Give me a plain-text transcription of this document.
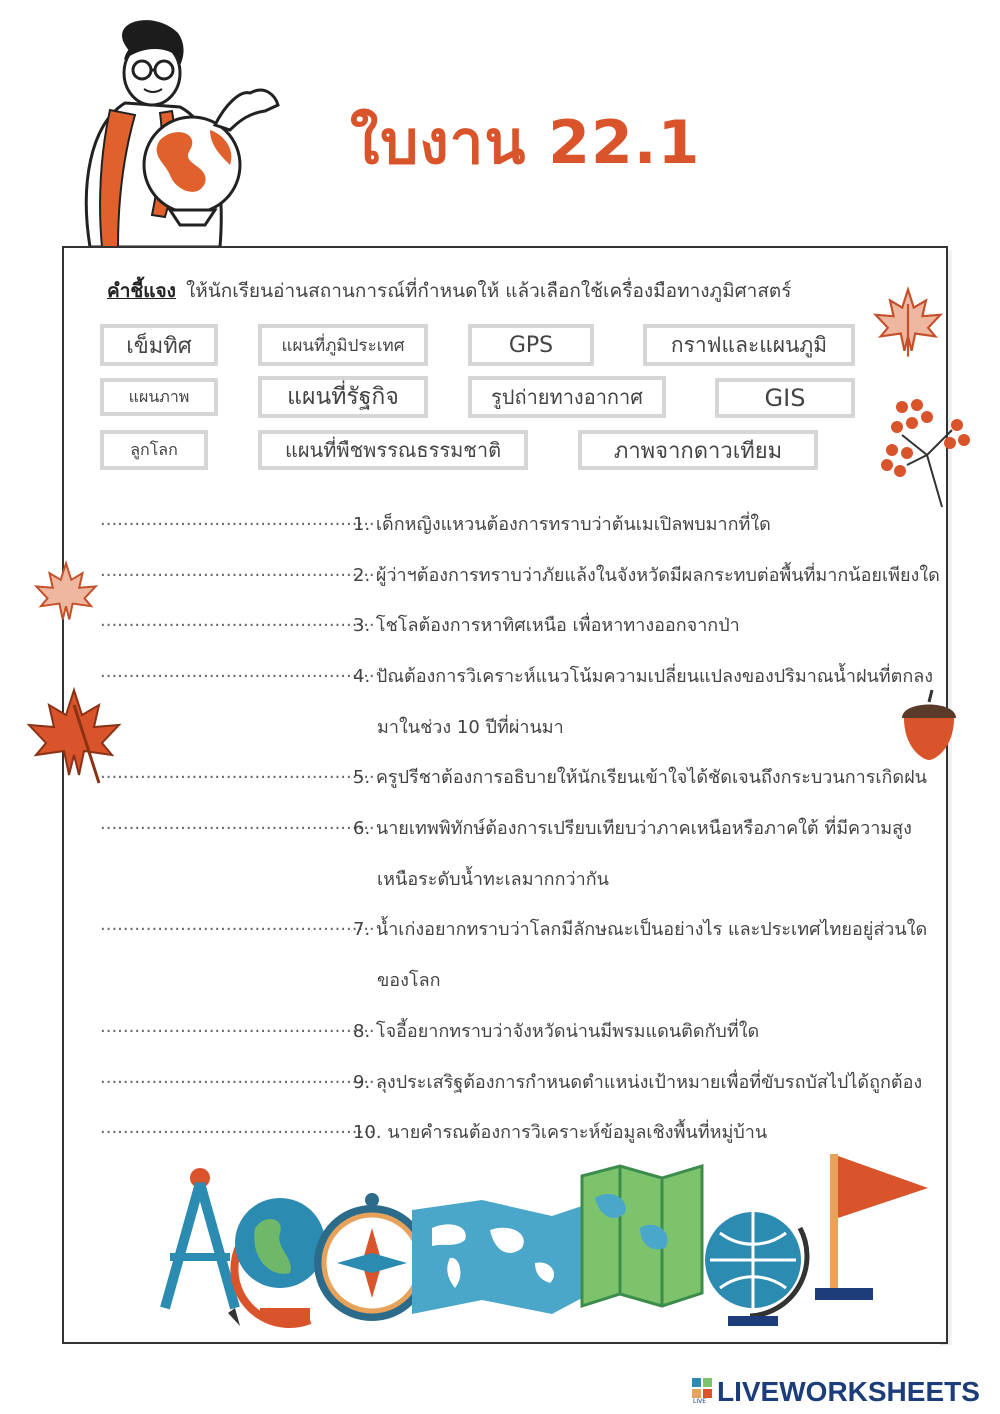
ใบงาน 22.1
คำชี้แจง ให้นักเรียนอ่านสถานการณ์ที่กำหนดให้ แล้วเลือกใช้เครื่องมือทางภูมิศาสตร์
เข็มทิศ	แผนที่ภูมิประเทศ	GPS	กราฟและแผนภูมิ
แผนภาพ	แผนที่รัฐกิจ	รูปถ่ายทางอากาศ	GIS
ลูกโลก	แผนที่พืชพรรณธรรมชาติ	ภาพจากดาวเทียม
................................................
1. เด็กหญิงแหวนต้องการทราบว่าต้นเมเปิลพบมากที่ใด
................................................
2. ผู้ว่าฯต้องการทราบว่าภัยแล้งในจังหวัดมีผลกระทบต่อพื้นที่มากน้อยเพียงใด
................................................
3. โชโลต้องการหาทิศเหนือ เพื่อหาทางออกจากป่า
................................................
4. ปัณต้องการวิเคราะห์แนวโน้มความเปลี่ยนแปลงของปริมาณน้ำฝนที่ตกลง
มาในช่วง 10 ปีที่ผ่านมา
................................................
5. ครูปรีชาต้องการอธิบายให้นักเรียนเข้าใจได้ชัดเจนถึงกระบวนการเกิดฝน
................................................
6. นายเทพพิทักษ์ต้องการเปรียบเทียบว่าภาคเหนือหรือภาคใต้ ที่มีความสูง
เหนือระดับน้ำทะเลมากกว่ากัน
................................................
7. น้ำเก่งอยากทราบว่าโลกมีลักษณะเป็นอย่างไร และประเทศไทยอยู่ส่วนใด
ของโลก
................................................
8. โจอี้อยากทราบว่าจังหวัดน่านมีพรมแดนติดกับที่ใด
................................................
9. ลุงประเสริฐต้องการกำหนดตำแหน่งเป้าหมายเพื่อที่ขับรถบัสไปได้ถูกต้อง
................................................
10. นายคำรณต้องการวิเคราะห์ข้อมูลเชิงพื้นที่หมู่บ้าน
LIVE LIVEWORKSHEETS
